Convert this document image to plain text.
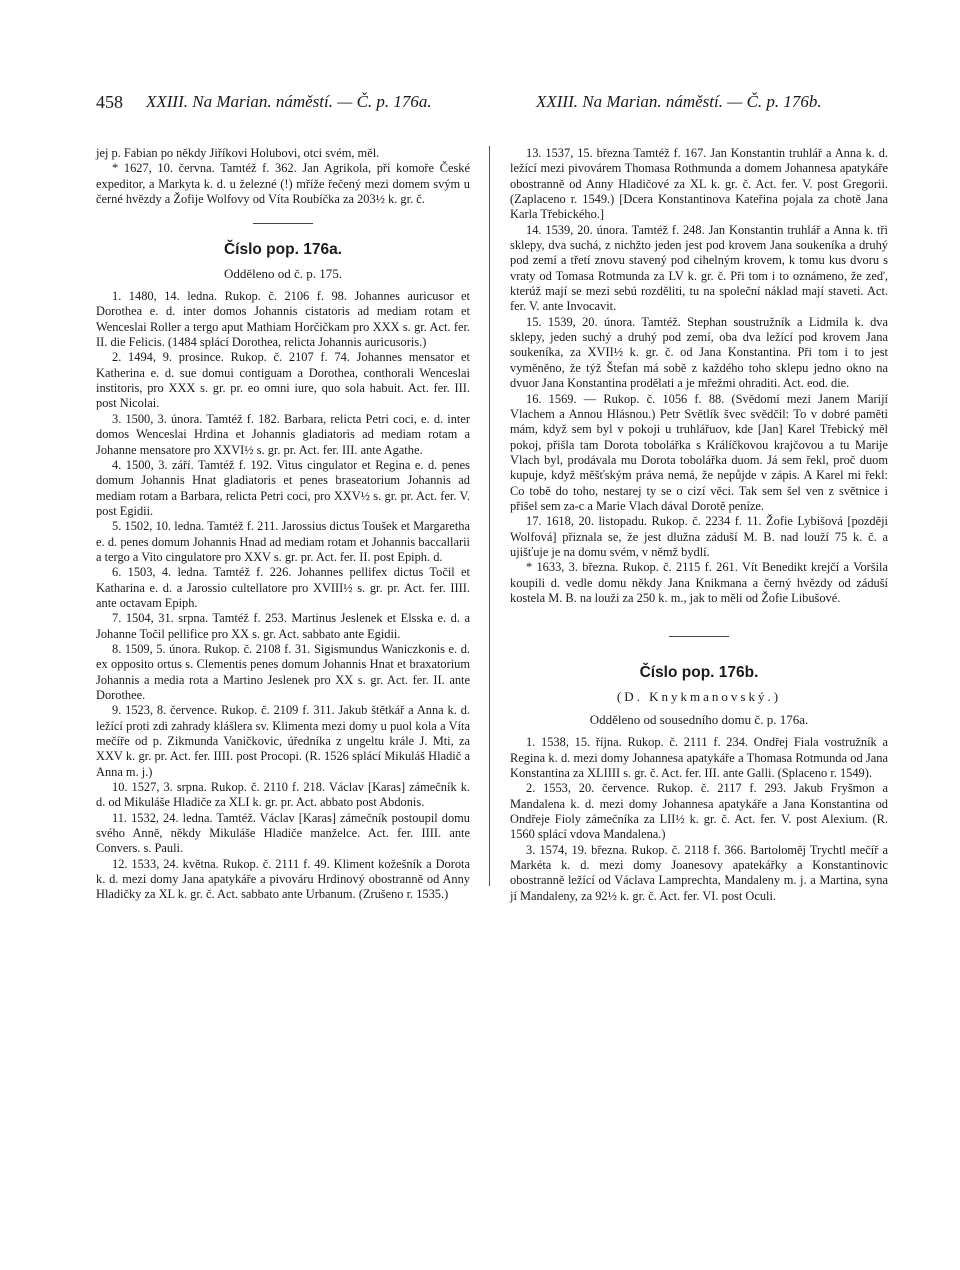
458 XXIII. Na Marian. náměstí. — Č. p. 176a.	XXIII. Na Marian. náměstí. — Č. p. 176b.

jej p. Fabian po někdy Jiříkovi Holubovi, otci svém, měl.

* 1627, 10. června. Tamtéž f. 362. Jan Agrikola, při komoře České expeditor, a Markyta k. d. u železné (!) mříže řečený mezi domem svým u černé hvězdy a Žofije Wolfovy od Víta Roubíčka za 203½ k. gr. č.

Číslo pop. 176a.
Odděleno od č. p. 175.

1. 1480, 14. ledna. Rukop. č. 2106 f. 98. Johannes auricusor et Dorothea e. d. inter domos Johannis cistatoris ad mediam rotam et Wenceslai Roller a tergo aput Mathiam Horčičkam pro XXX s. gr. Act. fer. II. die Felicis. (1484 splácí Dorothea, relicta Johannis auricusoris.)

2. 1494, 9. prosince. Rukop. č. 2107 f. 74. Johannes mensator et Katherina e. d. sue domui contiguam a Dorothea, conthorali Wenceslai institoris, pro XXX s. gr. pr. eo omni iure, quo sola habuit. Act. fer. III. post Nicolai.

3. 1500, 3. února. Tamtéž f. 182. Barbara, relicta Petri coci, e. d. inter domos Wenceslai Hrdina et Johannis gladiatoris ad mediam rotam a Johanne mensatore pro XXVI½ s. gr. pr. Act. fer. III. ante Agathe.

4. 1500, 3. září. Tamtéž f. 192. Vitus cingulator et Regina e. d. penes domum Johannis Hnat gladiatoris et penes braseatorium Johannis ad mediam rotam a Barbara, relicta Petri coci, pro XXV½ s. gr. pr. Act. fer. V. post Egidii.

5. 1502, 10. ledna. Tamtéž f. 211. Jarossius dictus Toušek et Margaretha e. d. penes domum Johannis Hnad ad mediam rotam et Johannis baccallarii a tergo a Vito cingulatore pro XXV s. gr. pr. Act. fer. II. post Epiph. d.

6. 1503, 4. ledna. Tamtéž f. 226. Johannes pellifex dictus Točil et Katharina e. d. a Jarossio cultellatore pro XVIII½ s. gr. pr. Act. fer. IIII. ante octavam Epiph.

7. 1504, 31. srpna. Tamtéž f. 253. Martinus Jeslenek et Elsska e. d. a Johanne Točil pellifice pro XX s. gr. Act. sabbato ante Egidii.

8. 1509, 5. února. Rukop. č. 2108 f. 31. Sigismundus Waniczkonis e. d. ex opposito ortus s. Clementis penes domum Johannis Hnat et braxatorium Johannis a media rota a Martino Jeslenek pro XX s. gr. Act. fer. II. ante Dorothee.

9. 1523, 8. července. Rukop. č. 2109 f. 311. Jakub štětkář a Anna k. d. ležící proti zdi zahrady klášlera sv. Klimenta mezi domy u puol kola a Víta mečíře od p. Zikmunda Vaničkovic, úředníka z ungeltu krále J. Mti, za XXV k. gr. pr. Act. fer. IIII. post Procopi. (R. 1526 splácí Mikuláš Hladič a Anna m. j.)

10. 1527, 3. srpna. Rukop. č. 2110 f. 218. Václav [Karas] zámečník k. d. od Mikuláše Hladiče za XLI k. gr. pr. Act. abbato post Abdonis.

11. 1532, 24. ledna. Tamtéž. Václav [Karas] zámečník postoupil domu svého Anně, někdy Mikuláše Hladiče manželce. Act. fer. IIII. ante Convers. s. Pauli.

12. 1533, 24. května. Rukop. č. 2111 f. 49. Kliment kožešník a Dorota k. d. mezi domy Jana apatykáře a pivováru Hrdinový obostranně od Anny Hladičky za XL k. gr. č. Act. sabbato ante Urbanum. (Zrušeno r. 1535.)

13. 1537, 15. března Tamtéž f. 167. Jan Konstantin truhlář a Anna k. d. ležící mezi pivovárem Thomasa Rothmunda a domem Johannesa apatykáře obostranně od Anny Hladičové za XL k. gr. č. Act. fer. V. post Gregorii. (Zaplaceno r. 1549.) [Dcera Konstantinova Kateřina pojala za chotě Jana Karla Třebického.]

14. 1539, 20. února. Tamtéž f. 248. Jan Konstantin truhlář a Anna k. tři sklepy, dva suchá, z nichžto jeden jest pod krovem Jana soukeníka a druhý pod zemí a třetí znovu stavený pod cihelným krovem, k tomu kus dvoru s vraty od Tomasa Rotmunda za LV k. gr. č. Při tom i to oznámeno, že zeď, kterúž mají se mezi sebú rozděliti, tu na společní náklad mají staveti. Act. fer. V. ante Invocavit.

15. 1539, 20. února. Tamtéž. Stephan soustružník a Lidmila k. dva sklepy, jeden suchý a druhý pod zemí, oba dva ležící pod krovem Jana soukeníka, za XVII½ k. gr. č. od Jana Konstantina. Při tom i to jest vyměněno, že týž Štefan má sobě z každého toho sklepu jedno okno na dvuor Jana Konstantina prodělati a je mřežmi ohraditi. Act. eod. die.

16. 1569. — Rukop. č. 1056 f. 88. (Svědomí mezi Janem Marijí Vlachem a Annou Hlásnou.) Petr Světlík švec svědčil: To v dobré paměti mám, když sem byl v pokoji u truhlářuov, kde [Jan] Karel Třebický měl pokoj, přišla tam Dorota tobolářka s Králíčkovou krajčovou a tu Marije Vlach byl, prodávala mu Dorota tobolářka duom. Já sem řekl, proč duom kupuje, když měšťským práva nemá, že nepůjde v zápis. A Karel mi řekl: Co tobě do toho, nestarej ty se o cizí věci. Tak sem šel ven z světnice i přišel sem za-c a Marie Vlach dával Dorotě peníze.

17. 1618, 20. listopadu. Rukop. č. 2234 f. 11. Žofie Lybišová [později Wolfová] přiznala se, že jest dlužna záduší M. B. nad louží 75 k. č. a ujišťuje je na domu svém, v němž bydlí.

* 1633, 3. března. Rukop. č. 2115 f. 261. Vít Benedikt krejčí a Voršila koupili d. vedle domu někdy Jana Knikmana a černý hvězdy od záduší kostela M. B. na louži za 250 k. m., jak to měli od Žofie Libušové.

Číslo pop. 176b.
(D. Knykmanovský.)
Odděleno od sousedního domu č. p. 176a.

1. 1538, 15. října. Rukop. č. 2111 f. 234. Ondřej Fiala vostružník a Regina k. d. mezi domy Johannesa apatykáře a Thomasa Rotmunda od Jana Konstantina za XLIIII s. gr. č. Act. fer. III. ante Galli. (Splaceno r. 1549).

2. 1553, 20. července. Rukop. č. 2117 f. 293. Jakub Fryšmon a Mandalena k. d. mezi domy Johannesa apatykáře a Jana Konstantina od Ondřeje Fioly zámečníka za LII½ k. gr. č. Act. fer. V. post Alexium. (R. 1560 splácí vdova Mandalena.)

3. 1574, 19. března. Rukop. č. 2118 f. 366. Bartoloměj Trychtl mečíř a Markéta k. d. mezi domy Joanesovy apatekářky a Konstantinovic obostranně ležící od Václava Lamprechta, Mandaleny m. j. a Martina, syna jí Mandaleny, za 92½ k. gr. č. Act. fer. VI. post Oculi.
